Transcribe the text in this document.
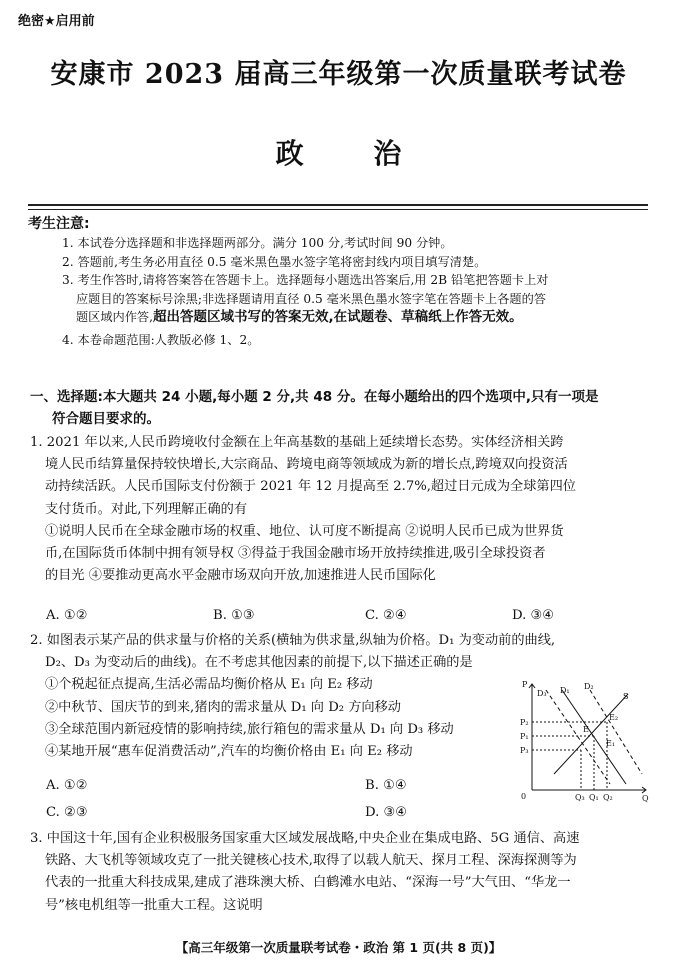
绝密★启用前
安康市 2023 届高三年级第一次质量联考试卷
政 治
考生注意:
1. 本试卷分选择题和非选择题两部分。满分 100 分,考试时间 90 分钟。
2. 答题前,考生务必用直径 0.5 毫米黑色墨水签字笔将密封线内项目填写清楚。
3. 考生作答时,请将答案答在答题卡上。选择题每小题选出答案后,用 2B 铅笔把答题卡上对
应题目的答案标号涂黑;非选择题请用直径 0.5 毫米黑色墨水签字笔在答题卡上各题的答
题区域内作答,超出答题区域书写的答案无效,在试题卷、草稿纸上作答无效。
4. 本卷命题范围:人教版必修 1、2。
一、选择题:本大题共 24 小题,每小题 2 分,共 48 分。在每小题给出的四个选项中,只有一项是
符合题目要求的。
1. 2021 年以来,人民币跨境收付金额在上年高基数的基础上延续增长态势。实体经济相关跨
境人民币结算量保持较快增长,大宗商品、跨境电商等领域成为新的增长点,跨境双向投资活
动持续活跃。人民币国际支付份额于 2021 年 12 月提高至 2.7%,超过日元成为全球第四位
支付货币。对此,下列理解正确的有
①说明人民币在全球金融市场的权重、地位、认可度不断提高 ②说明人民币已成为世界货
币,在国际货币体制中拥有领导权 ③得益于我国金融市场开放持续推进,吸引全球投资者
的目光 ④要推动更高水平金融市场双向开放,加速推进人民币国际化
A. ①②	B. ①③	C. ②④	D. ③④
2. 如图表示某产品的供求量与价格的关系(横轴为供求量,纵轴为价格。D₁ 为变动前的曲线,
D₂、D₃ 为变动后的曲线)。在不考虑其他因素的前提下,以下描述正确的是
①个税起征点提高,生活必需品均衡价格从 E₁ 向 E₂ 移动
②中秋节、国庆节的到来,猪肉的需求量从 D₁ 向 D₂ 方向移动
③全球范围内新冠疫情的影响持续,旅行箱包的需求量从 D₁ 向 D₃ 移动
④某地开展“惠车促消费活动”,汽车的均衡价格由 E₁ 向 E₂ 移动
A. ①②	B. ①④
C. ②③	D. ③④
P
Q
0
D₃ D₁ D₂
S
P₂
P₁
P₃
Q₃ Q₁ Q₂
E
E₁
E₂
3. 中国这十年,国有企业积极服务国家重大区域发展战略,中央企业在集成电路、5G 通信、高速
铁路、大飞机等领域攻克了一批关键核心技术,取得了以载人航天、探月工程、深海探测等为
代表的一批重大科技成果,建成了港珠澳大桥、白鹤滩水电站、“深海一号”大气田、“华龙一
号”核电机组等一批重大工程。这说明
【高三年级第一次质量联考试卷・政治 第 1 页(共 8 页)】
